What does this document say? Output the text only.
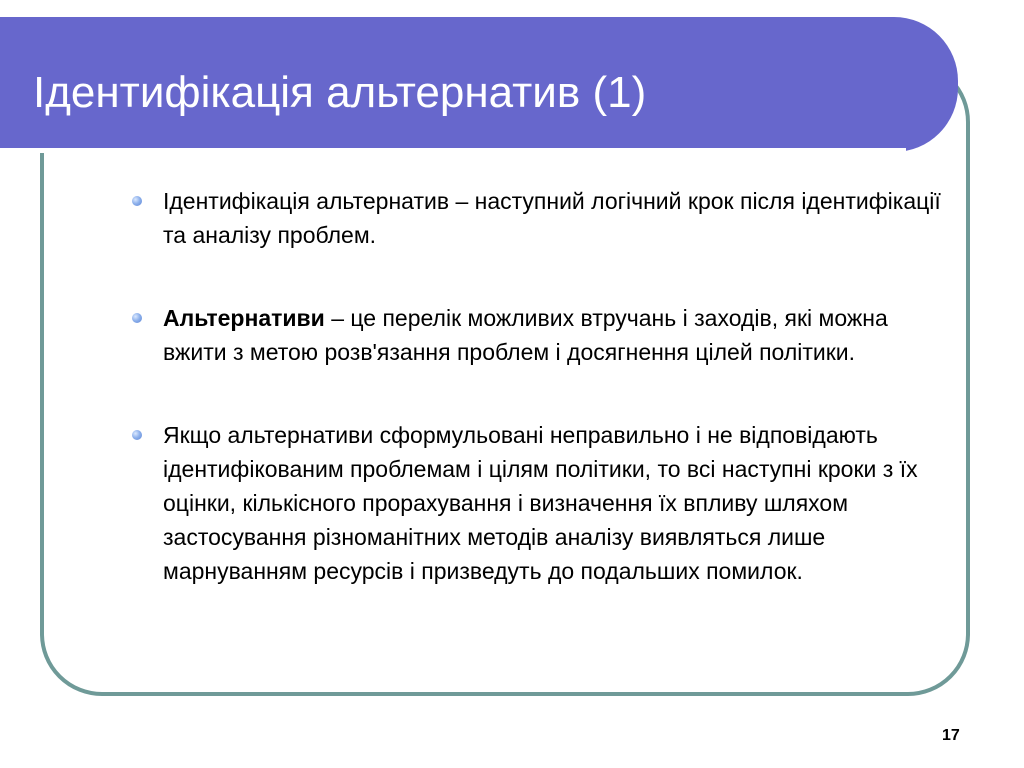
Ідентифікація альтернатив (1)
Ідентифікація альтернатив – наступний логічний крок після ідентифікації та аналізу проблем.
Альтернативи – це перелік можливих втручань і заходів, які можна вжити з метою розв'язання проблем і досягнення цілей політики.
Якщо альтернативи сформульовані неправильно і не відповідають ідентифікованим проблемам і цілям політики, то всі наступні кроки з їх оцінки, кількісного прорахування і визначення їх впливу шляхом застосування різноманітних методів аналізу виявляться лише марнуванням ресурсів і призведуть до подальших помилок.
17
